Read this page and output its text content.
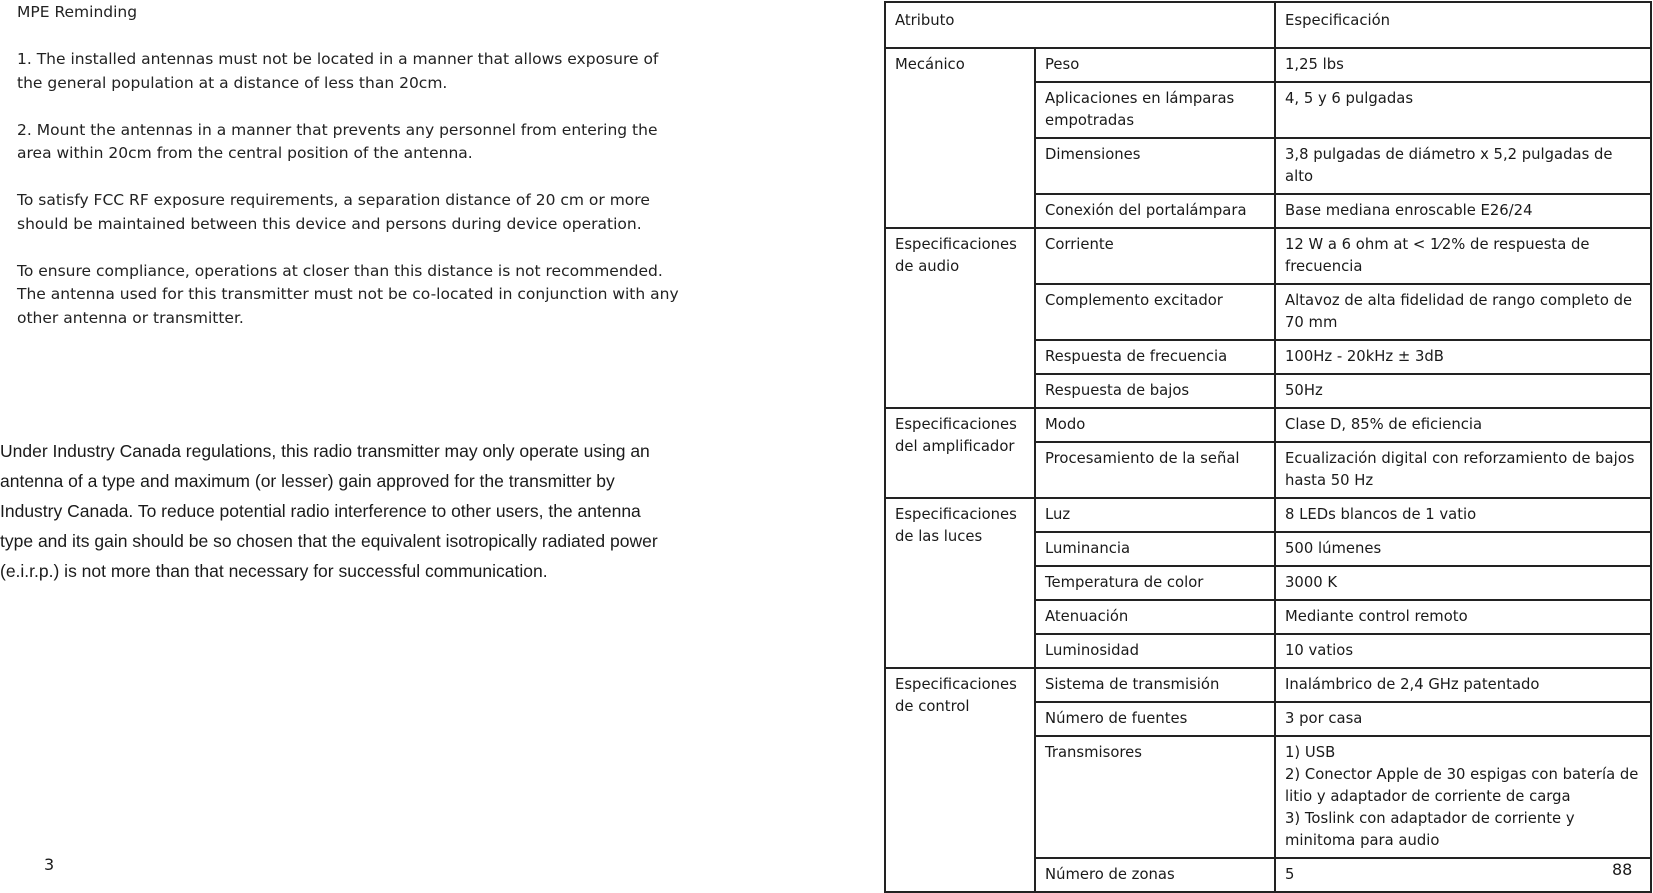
MPE Reminding

1. The installed antennas must not be located in a manner that allows exposure of
the general population at a distance of less than 20cm.

2. Mount the antennas in a manner that prevents any personnel from entering the
area within 20cm from the central position of the antenna.

To satisfy FCC RF exposure requirements, a separation distance of 20 cm or more
should be maintained between this device and persons during device operation.

To ensure compliance, operations at closer than this distance is not recommended.
The antenna used for this transmitter must not be co-located in conjunction with any
other antenna or transmitter.

Under Industry Canada regulations, this radio transmitter may only operate using an
antenna of a type and maximum (or lesser) gain approved for the transmitter by
Industry Canada. To reduce potential radio interference to other users, the antenna
type and its gain should be so chosen that the equivalent isotropically radiated power
(e.i.r.p.) is not more than that necessary for successful communication.
3
Atributo		Especificación
Mecánico	Peso	1,25 lbs
	Aplicaciones en lámparas empotradas	4, 5 y 6 pulgadas
	Dimensiones	3,8 pulgadas de diámetro x 5,2 pulgadas de alto
	Conexión del portalámpara	Base mediana enroscable E26/24
Especificaciones de audio	Corriente	12 W a 6 ohm at < 1⁄2% de respuesta de frecuencia
	Complemento excitador	Altavoz de alta fidelidad de rango completo de 70 mm
	Respuesta de frecuencia	100Hz - 20kHz ± 3dB
	Respuesta de bajos	50Hz
Especificaciones del amplificador	Modo	Clase D, 85% de eficiencia
	Procesamiento de la señal	Ecualización digital con reforzamiento de bajos hasta 50 Hz
Especificaciones de las luces	Luz	8 LEDs blancos de 1 vatio
	Luminancia	500 lúmenes
	Temperatura de color	3000 K
	Atenuación	Mediante control remoto
	Luminosidad	10 vatios
Especificaciones de control	Sistema de transmisión	Inalámbrico de 2,4 GHz patentado
	Número de fuentes	3 por casa
	Transmisores	1) USB
2) Conector Apple de 30 espigas con batería de litio y adaptador de corriente de carga
3) Toslink con adaptador de corriente y minitoma para audio
	Número de zonas	5	88
